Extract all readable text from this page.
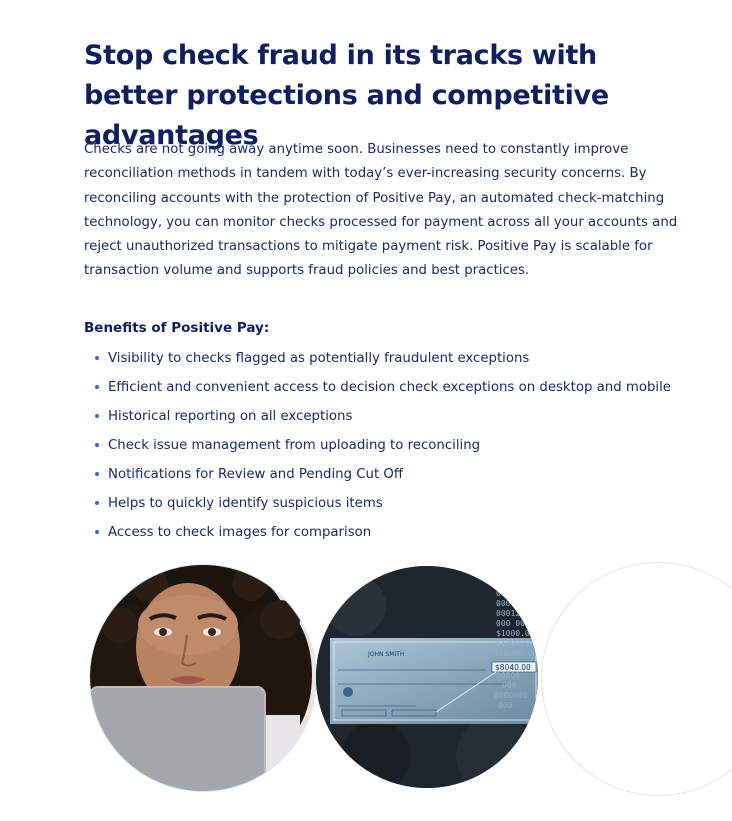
Stop check fraud in its tracks with better protections and competitive advantages

Checks are not going away anytime soon. Businesses need to constantly improve reconciliation methods in tandem with today’s ever-increasing security concerns. By reconciling accounts with the protection of Positive Pay, an automated check-matching technology, you can monitor checks processed for payment across all your accounts and reject unauthorized transactions to mitigate payment risk. Positive Pay is scalable for transaction volume and supports fraud policies and best practices.

Benefits of Positive Pay:

Visibility to checks flagged as potentially fraudulent exceptions
Efficient and convenient access to decision check exceptions on desktop and mobile
Historical reporting on all exceptions
Check issue management from uploading to reconciling
Notifications for Review and Pending Cut Off
Helps to quickly identify suspicious items
Access to check images for comparison
JOHN SMITH
$8040.00
0000
00003
000120
000 00
$1000.00
$1000.00
$20000.00
00000
000
0000000
000
